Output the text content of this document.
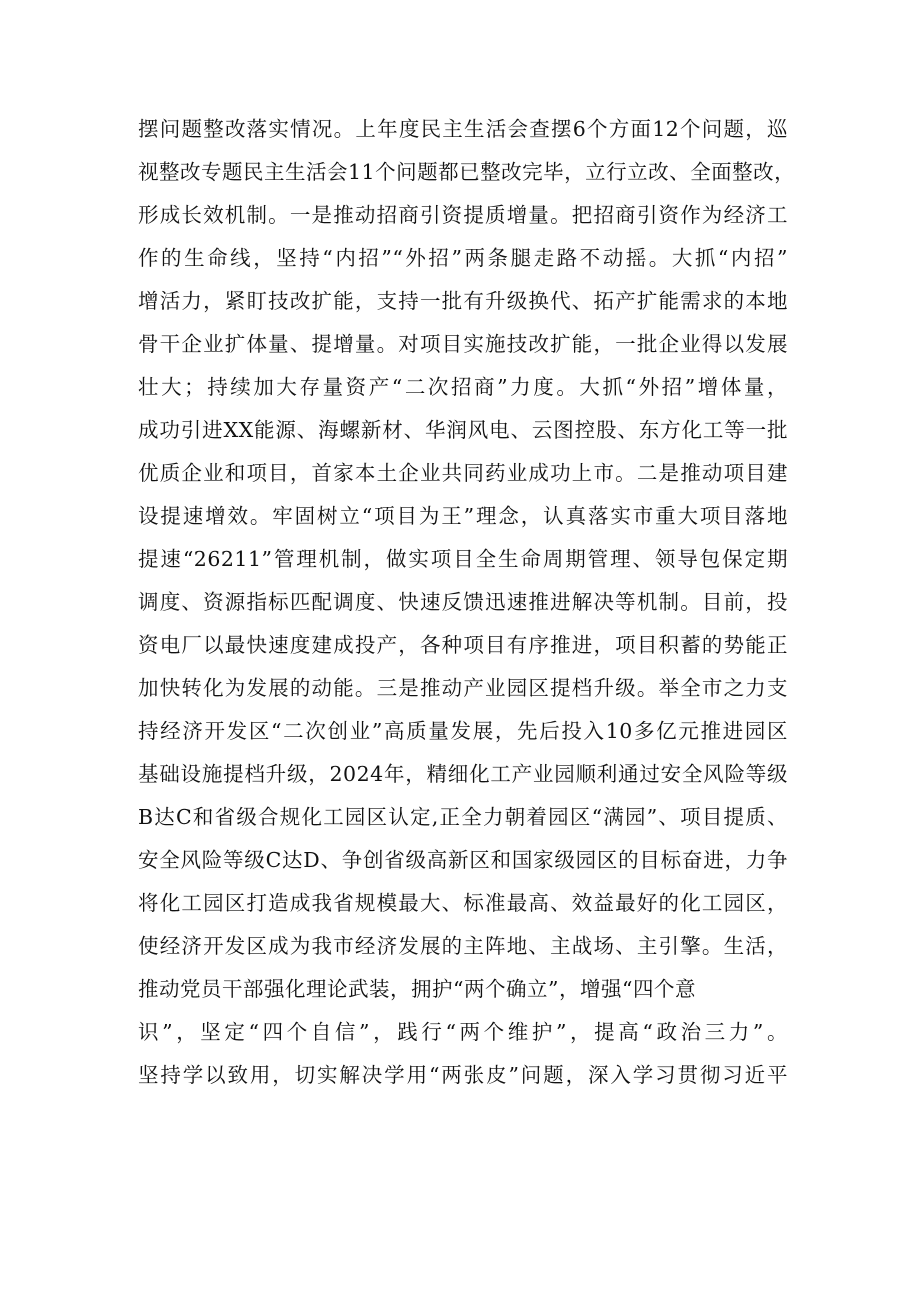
摆问题整改落实情况。上年度民主生活会查摆6个方面12个问题，巡
视整改专题民主生活会11个问题都已整改完毕，立行立改、全面整改，
形成长效机制。一是推动招商引资提质增量。把招商引资作为经济工
作的生命线，坚持“内招”“外招”两条腿走路不动摇。大抓“内招”
增活力，紧盯技改扩能，支持一批有升级换代、拓产扩能需求的本地
骨干企业扩体量、提增量。对项目实施技改扩能，一批企业得以发展
壮大；持续加大存量资产“二次招商”力度。大抓“外招”增体量，
成功引进XX能源、海螺新材、华润风电、云图控股、东方化工等一批
优质企业和项目，首家本土企业共同药业成功上市。二是推动项目建
设提速增效。牢固树立“项目为王”理念，认真落实市重大项目落地
提速“26211”管理机制，做实项目全生命周期管理、领导包保定期
调度、资源指标匹配调度、快速反馈迅速推进解决等机制。目前，投
资电厂以最快速度建成投产，各种项目有序推进，项目积蓄的势能正
加快转化为发展的动能。三是推动产业园区提档升级。举全市之力支
持经济开发区“二次创业”高质量发展，先后投入10多亿元推进园区
基础设施提档升级，2024年，精细化工产业园顺利通过安全风险等级
B达C和省级合规化工园区认定,正全力朝着园区“满园”、项目提质、
安全风险等级C达D、争创省级高新区和国家级园区的目标奋进，力争
将化工园区打造成我省规模最大、标准最高、效益最好的化工园区，
使经济开发区成为我市经济发展的主阵地、主战场、主引擎。生活，
推动党员干部强化理论武装，拥护“两个确立”，增强“四个意
识”，坚定“四个自信”，践行“两个维护”，提高“政治三力”。
坚持学以致用，切实解决学用“两张皮”问题，深入学习贯彻习近平
